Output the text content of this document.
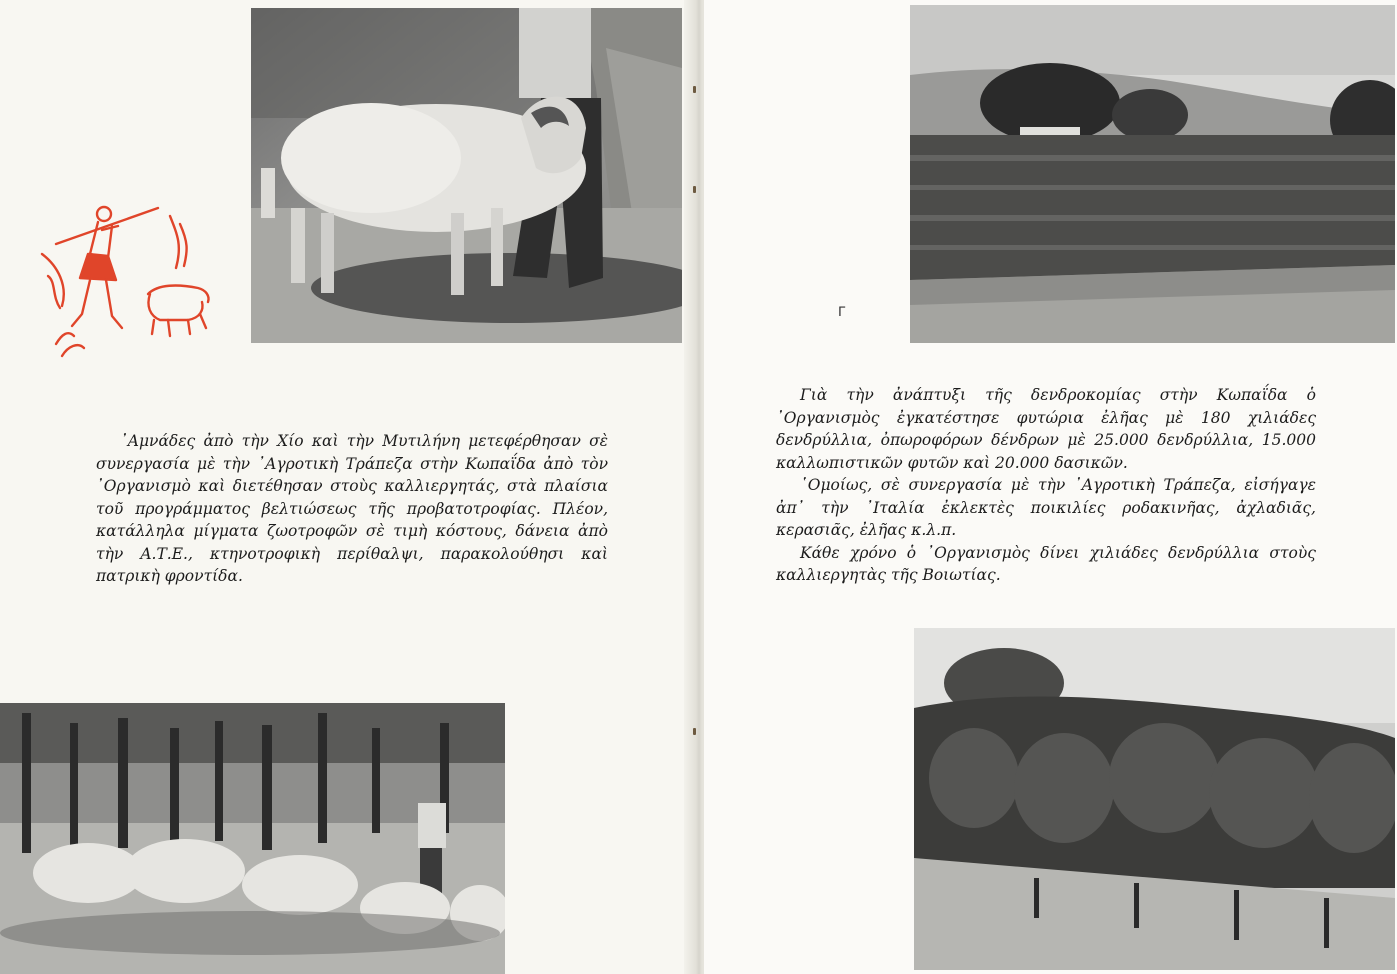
᾿Αμνάδες ἀπὸ τὴν Χίο καὶ τὴν Μυτιλήνη μετεφέρθησαν σὲ συνεργασία μὲ τὴν ᾿Αγροτικὴ Τράπεζα στὴν Κωπαΐδα ἀπὸ τὸν ᾿Οργανισμὸ καὶ διετέθησαν στοὺς καλλιεργητάς, στὰ πλαίσια τοῦ προγράμματος βελτιώσεως τῆς προβατοτροφίας. Πλέον, κατάλληλα μίγματα ζωοτροφῶν σὲ τιμὴ κόστους, δάνεια ἀπὸ τὴν Α.Τ.Ε., κτηνοτροφικὴ περίθαλψι, παρακολούθησι καὶ πατρικὴ φροντίδα.

ᒥ

Γιὰ τὴν ἀνάπτυξι τῆς δενδροκομίας στὴν Κωπαΐδα ὁ ᾿Οργανισμὸς ἐγκατέστησε φυτώρια ἐλῆας μὲ 180 χιλιάδες δενδρύλλια, ὀπωροφόρων δένδρων μὲ 25.000 δενδρύλλια, 15.000 καλλωπιστικῶν φυτῶν καὶ 20.000 δασικῶν.

῾Ομοίως, σὲ συνεργασία μὲ τὴν ᾿Αγροτικὴ Τράπεζα, εἰσήγαγε ἀπ᾿ τὴν ᾿Ιταλία ἐκλεκτὲς ποικιλίες ροδακινῆας, ἀχλαδιᾶς, κερασιᾶς, ἐλῆας κ.λ.π.

Κάθε χρόνο ὁ ᾿Οργανισμὸς δίνει χιλιάδες δενδρύλλια στοὺς καλλιεργητὰς τῆς Βοιωτίας.
